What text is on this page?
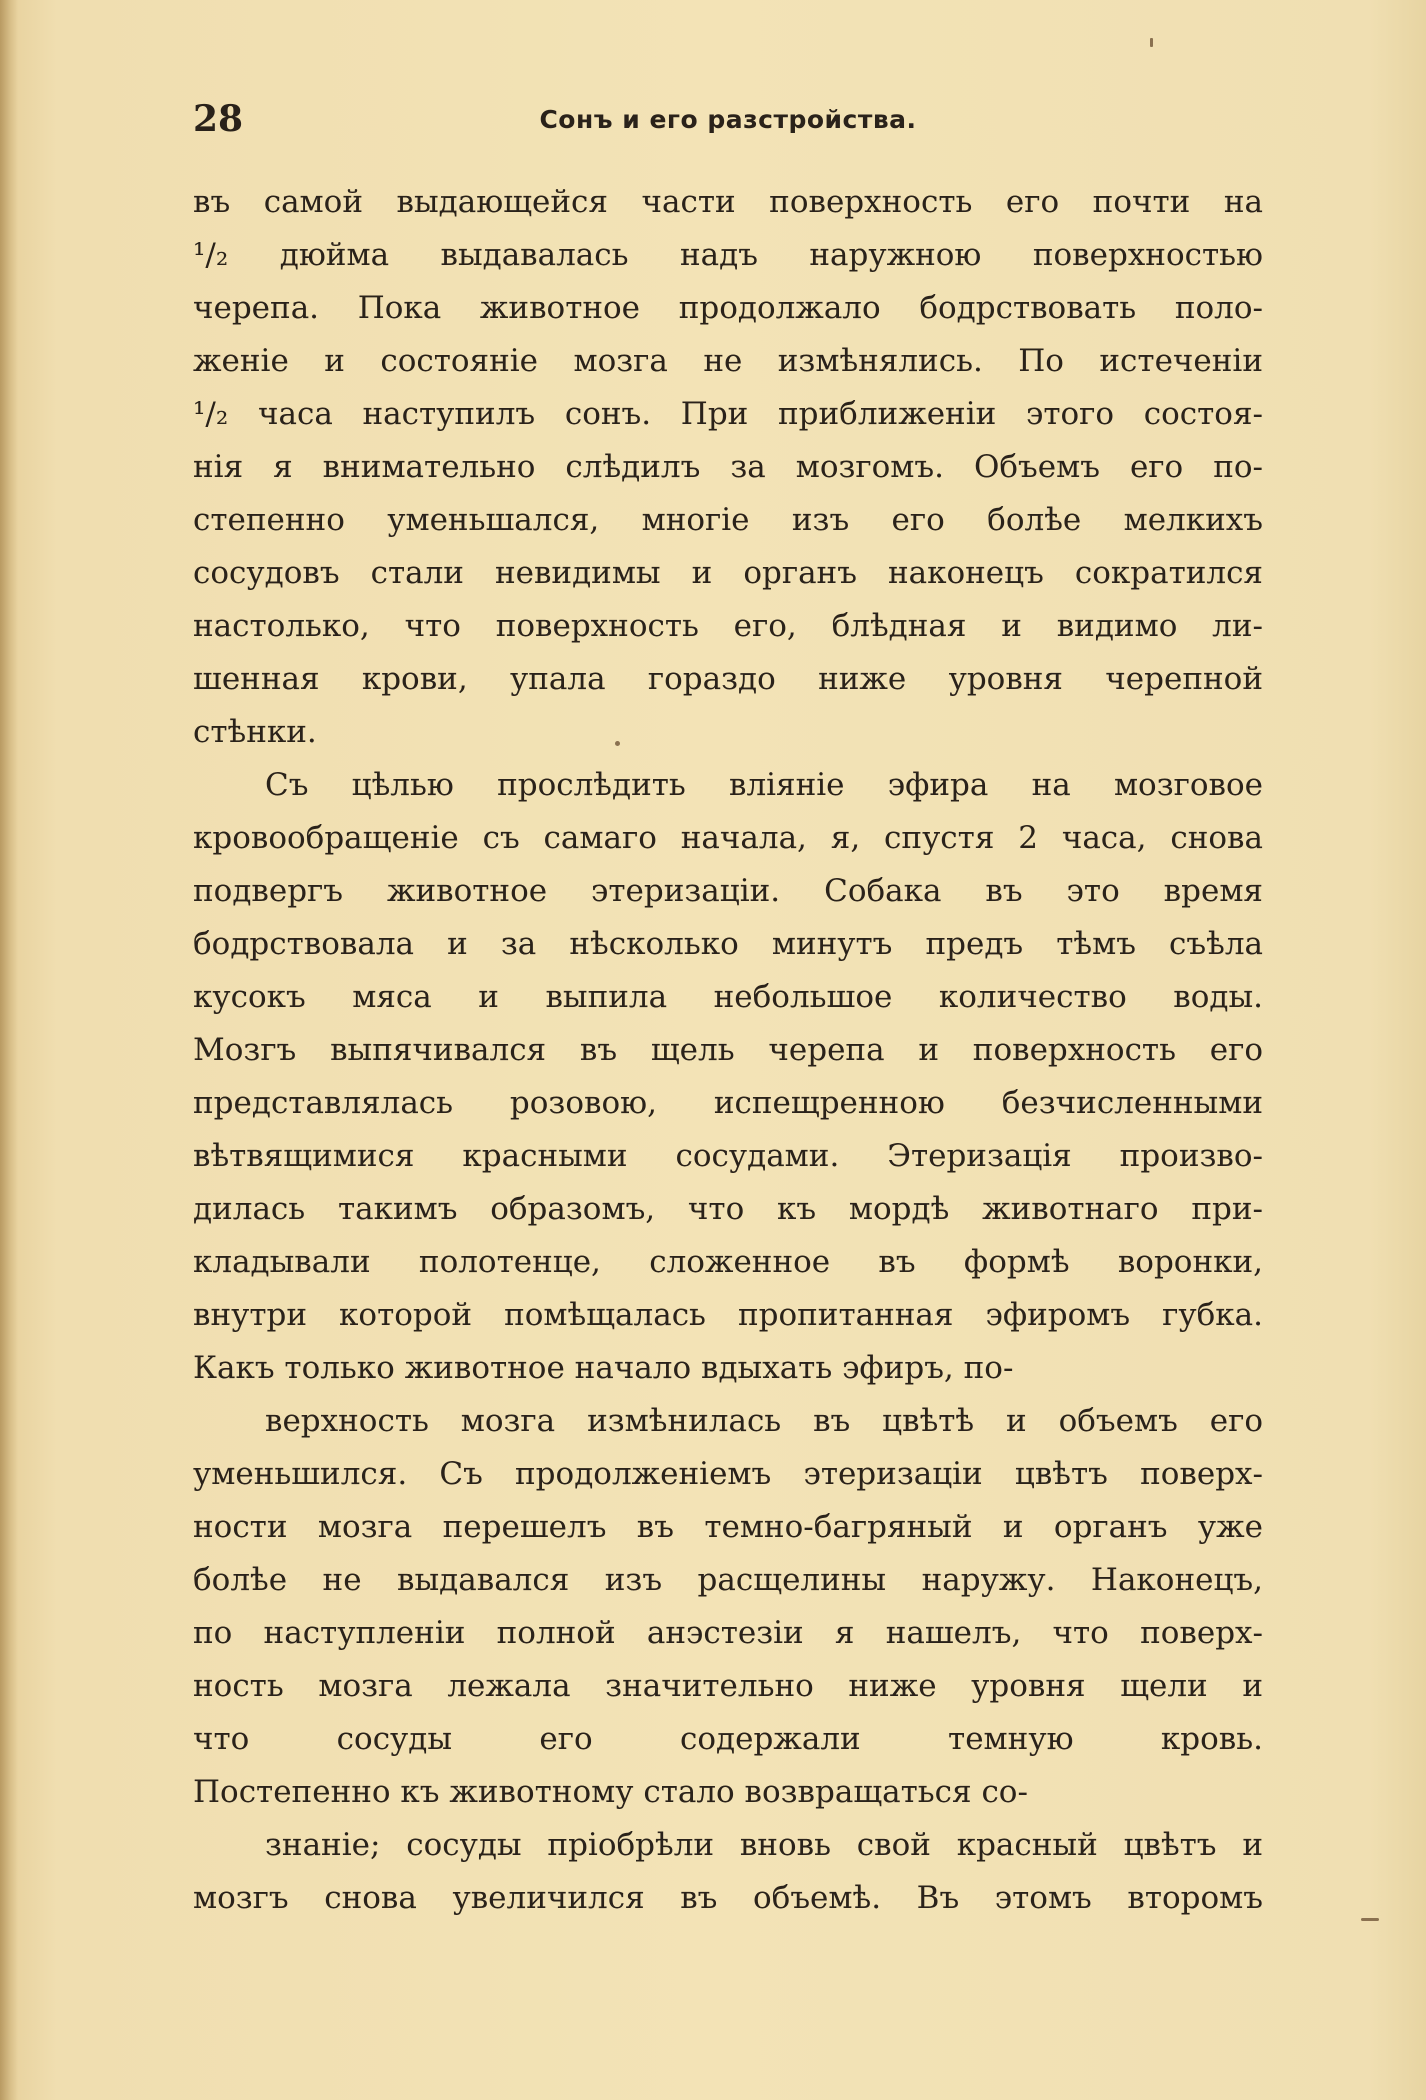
28	Сонъ и его разстройства.
въ самой выдающейся части поверхность его почти на
¹/₂ дюйма выдавалась надъ наружною поверхностью
черепа. Пока животное продолжало бодрствовать поло-
женіе и состояніе мозга не измѣнялись. По истеченіи
¹/₂ часа наступилъ сонъ. При приближеніи этого состоя-
нія я внимательно слѣдилъ за мозгомъ. Объемъ его по-
степенно уменьшался, многіе изъ его болѣе мелкихъ
сосудовъ стали невидимы и органъ наконецъ сократился
настолько, что поверхность его, блѣдная и видимо ли-
шенная крови, упала гораздо ниже уровня черепной
стѣнки.
Съ цѣлью прослѣдить вліяніе эфира на мозговое
кровообращеніе съ самаго начала, я, спустя 2 часа, снова
подвергъ животное этеризаціи. Собака въ это время
бодрствовала и за нѣсколько минутъ предъ тѣмъ съѣла
кусокъ мяса и выпила небольшое количество воды.
Мозгъ выпячивался въ щель черепа и поверхность его
представлялась розовою, испещренною безчисленными
вѣтвящимися красными сосудами. Этеризація произво-
дилась такимъ образомъ, что къ мордѣ животнаго при-
кладывали полотенце, сложенное въ формѣ воронки,
внутри которой помѣщалась пропитанная эфиромъ губка.
Какъ только животное начало вдыхать эфиръ, по-
верхность мозга измѣнилась въ цвѣтѣ и объемъ его
уменьшился. Съ продолженіемъ этеризаціи цвѣтъ поверх-
ности мозга перешелъ въ темно-багряный и органъ уже
болѣе не выдавался изъ расщелины наружу. Наконецъ,
по наступленіи полной анэстезіи я нашелъ, что поверх-
ность мозга лежала значительно ниже уровня щели и
что сосуды его содержали темную кровь.
Постепенно къ животному стало возвращаться со-
знаніе; сосуды пріобрѣли вновь свой красный цвѣтъ и
мозгъ снова увеличился въ объемѣ. Въ этомъ второмъ
